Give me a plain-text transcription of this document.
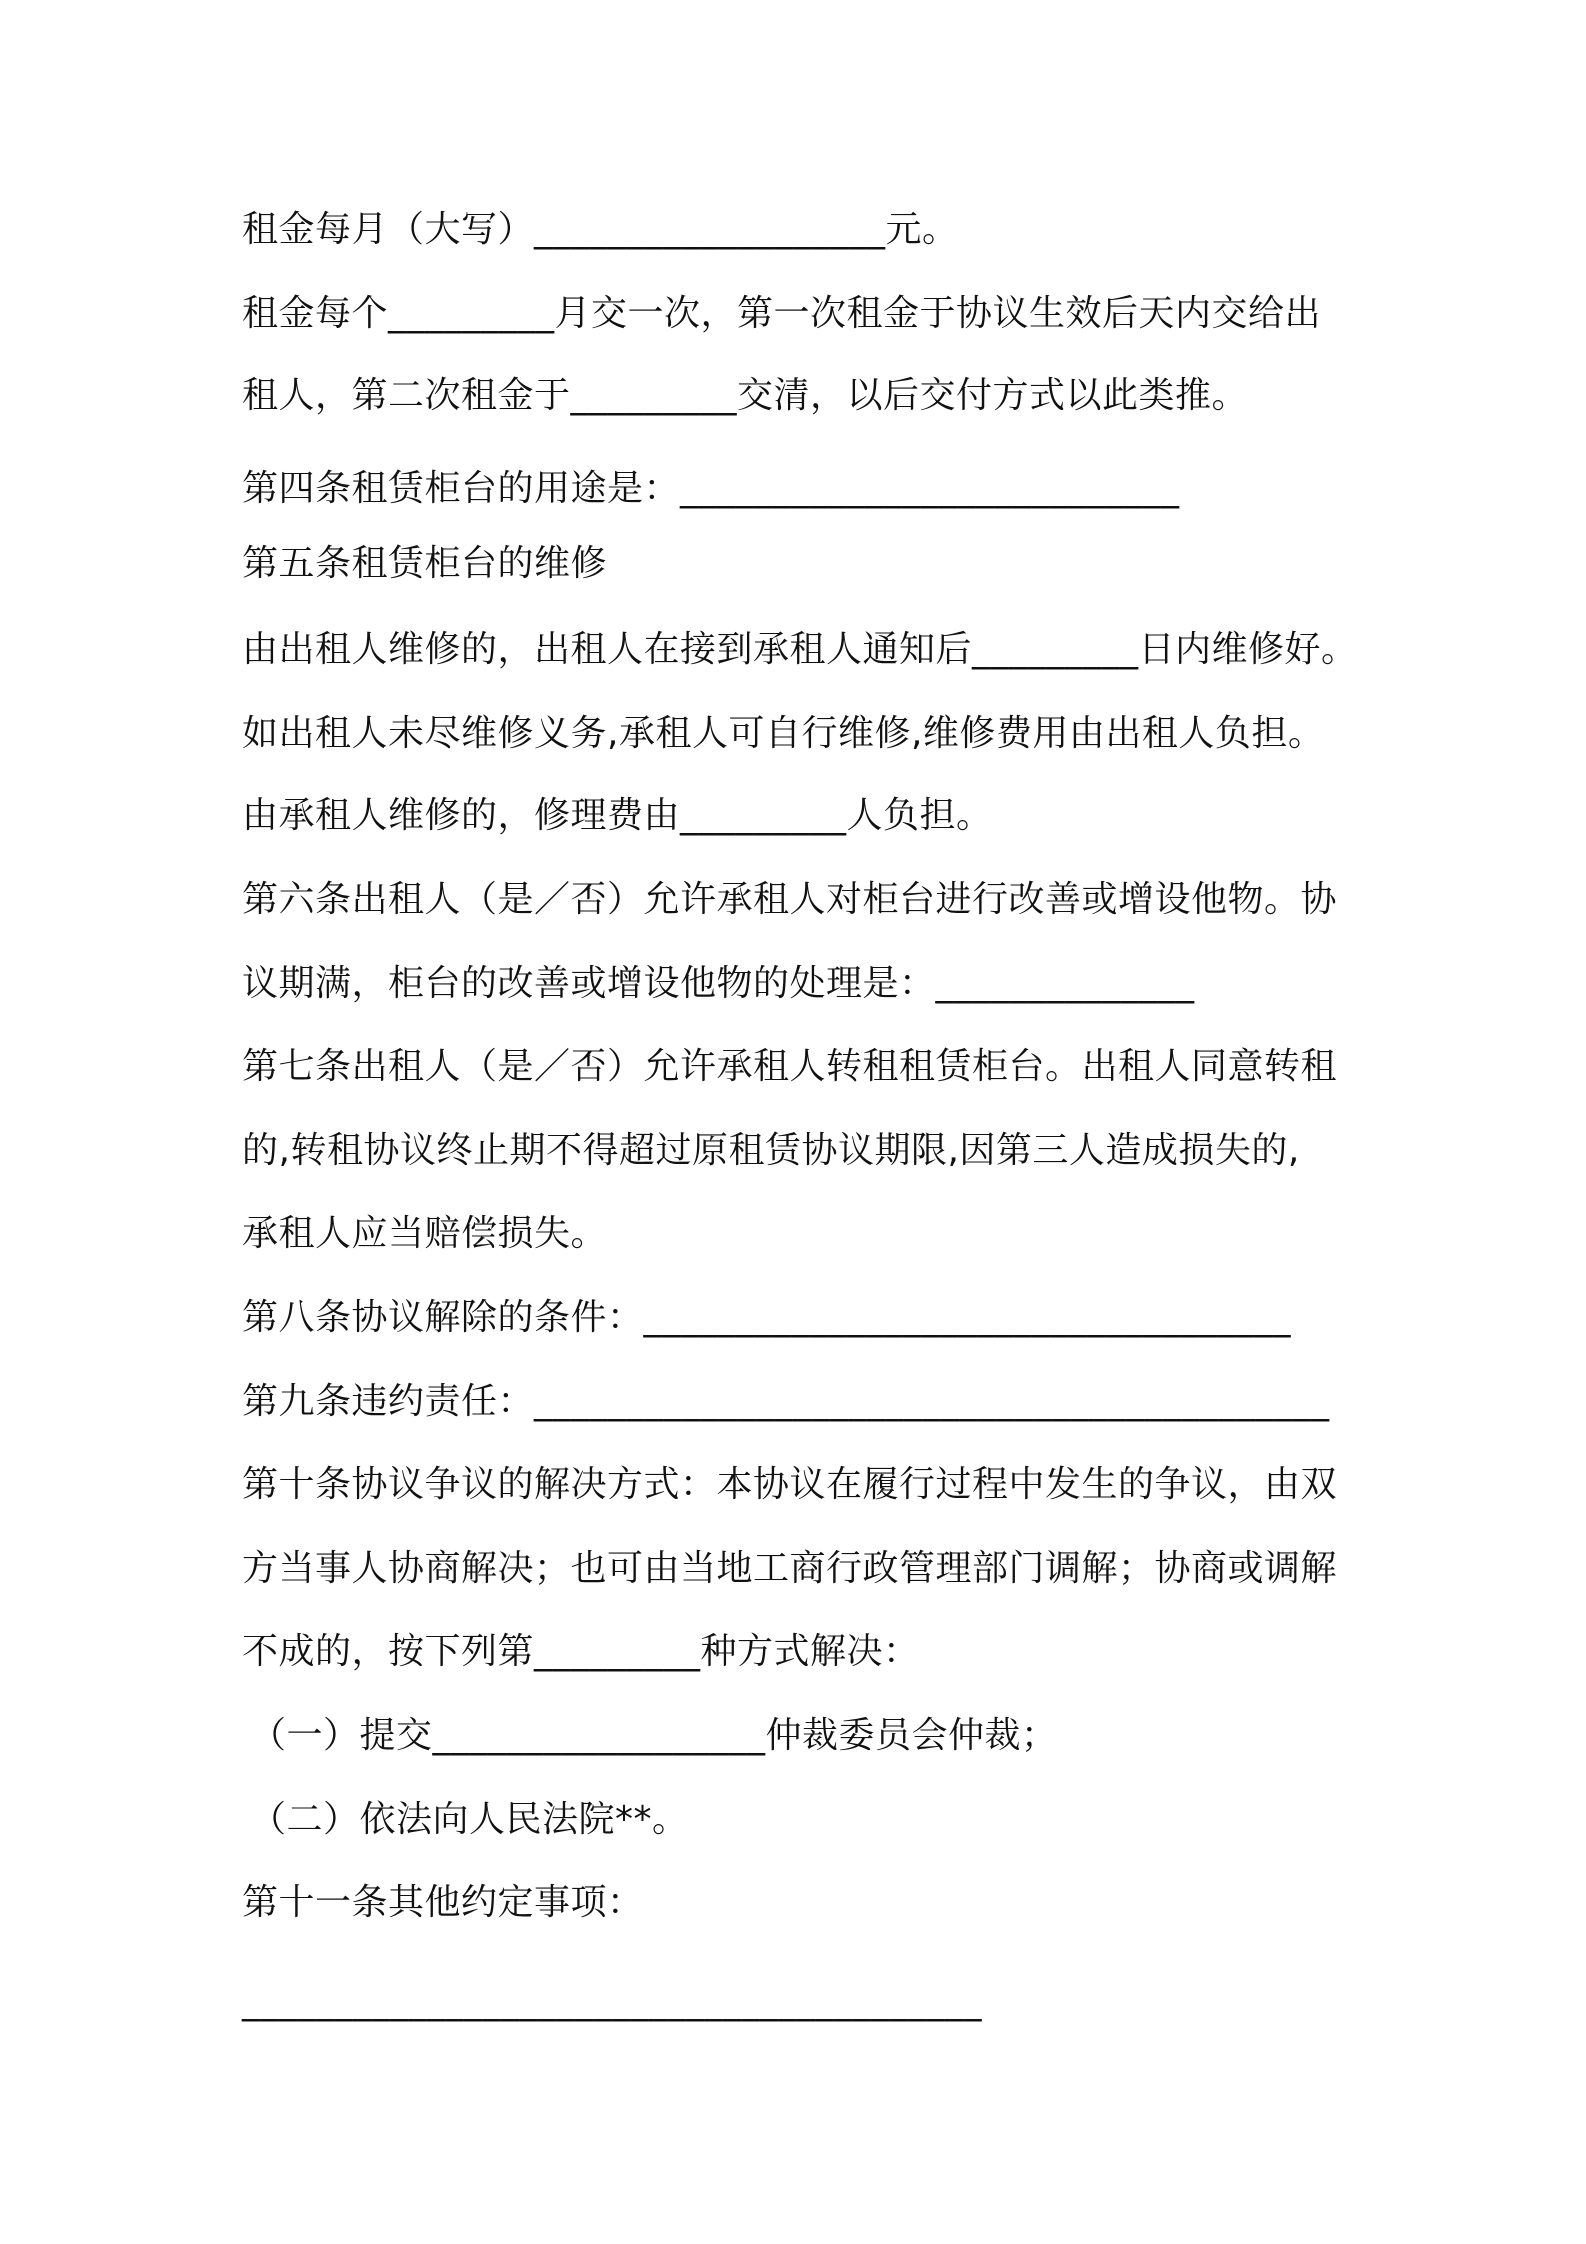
租金每月（大写）___________________元。
租金每个_________月交一次，第一次租金于协议生效后天内交给出
租人，第二次租金于_________交清，以后交付方式以此类推。
第四条租赁柜台的用途是：___________________________
第五条租赁柜台的维修
由出租人维修的，出租人在接到承租人通知后_________日内维修好。
如出租人未尽维修义务,承租人可自行维修,维修费用由出租人负担。
由承租人维修的，修理费由_________人负担。
第六条出租人（是／否）允许承租人对柜台进行改善或增设他物。协
议期满，柜台的改善或增设他物的处理是：______________
第七条出租人（是／否）允许承租人转租租赁柜台。出租人同意转租
的,转租协议终止期不得超过原租赁协议期限,因第三人造成损失的,
承租人应当赔偿损失。
第八条协议解除的条件：___________________________________
第九条违约责任：___________________________________________
第十条协议争议的解决方式：本协议在履行过程中发生的争议，由双
方当事人协商解决；也可由当地工商行政管理部门调解；协商或调解
不成的，按下列第_________种方式解决：
（一）提交__________________仲裁委员会仲裁；
（二）依法向人民法院**。
第十一条其他约定事项：
________________________________________
